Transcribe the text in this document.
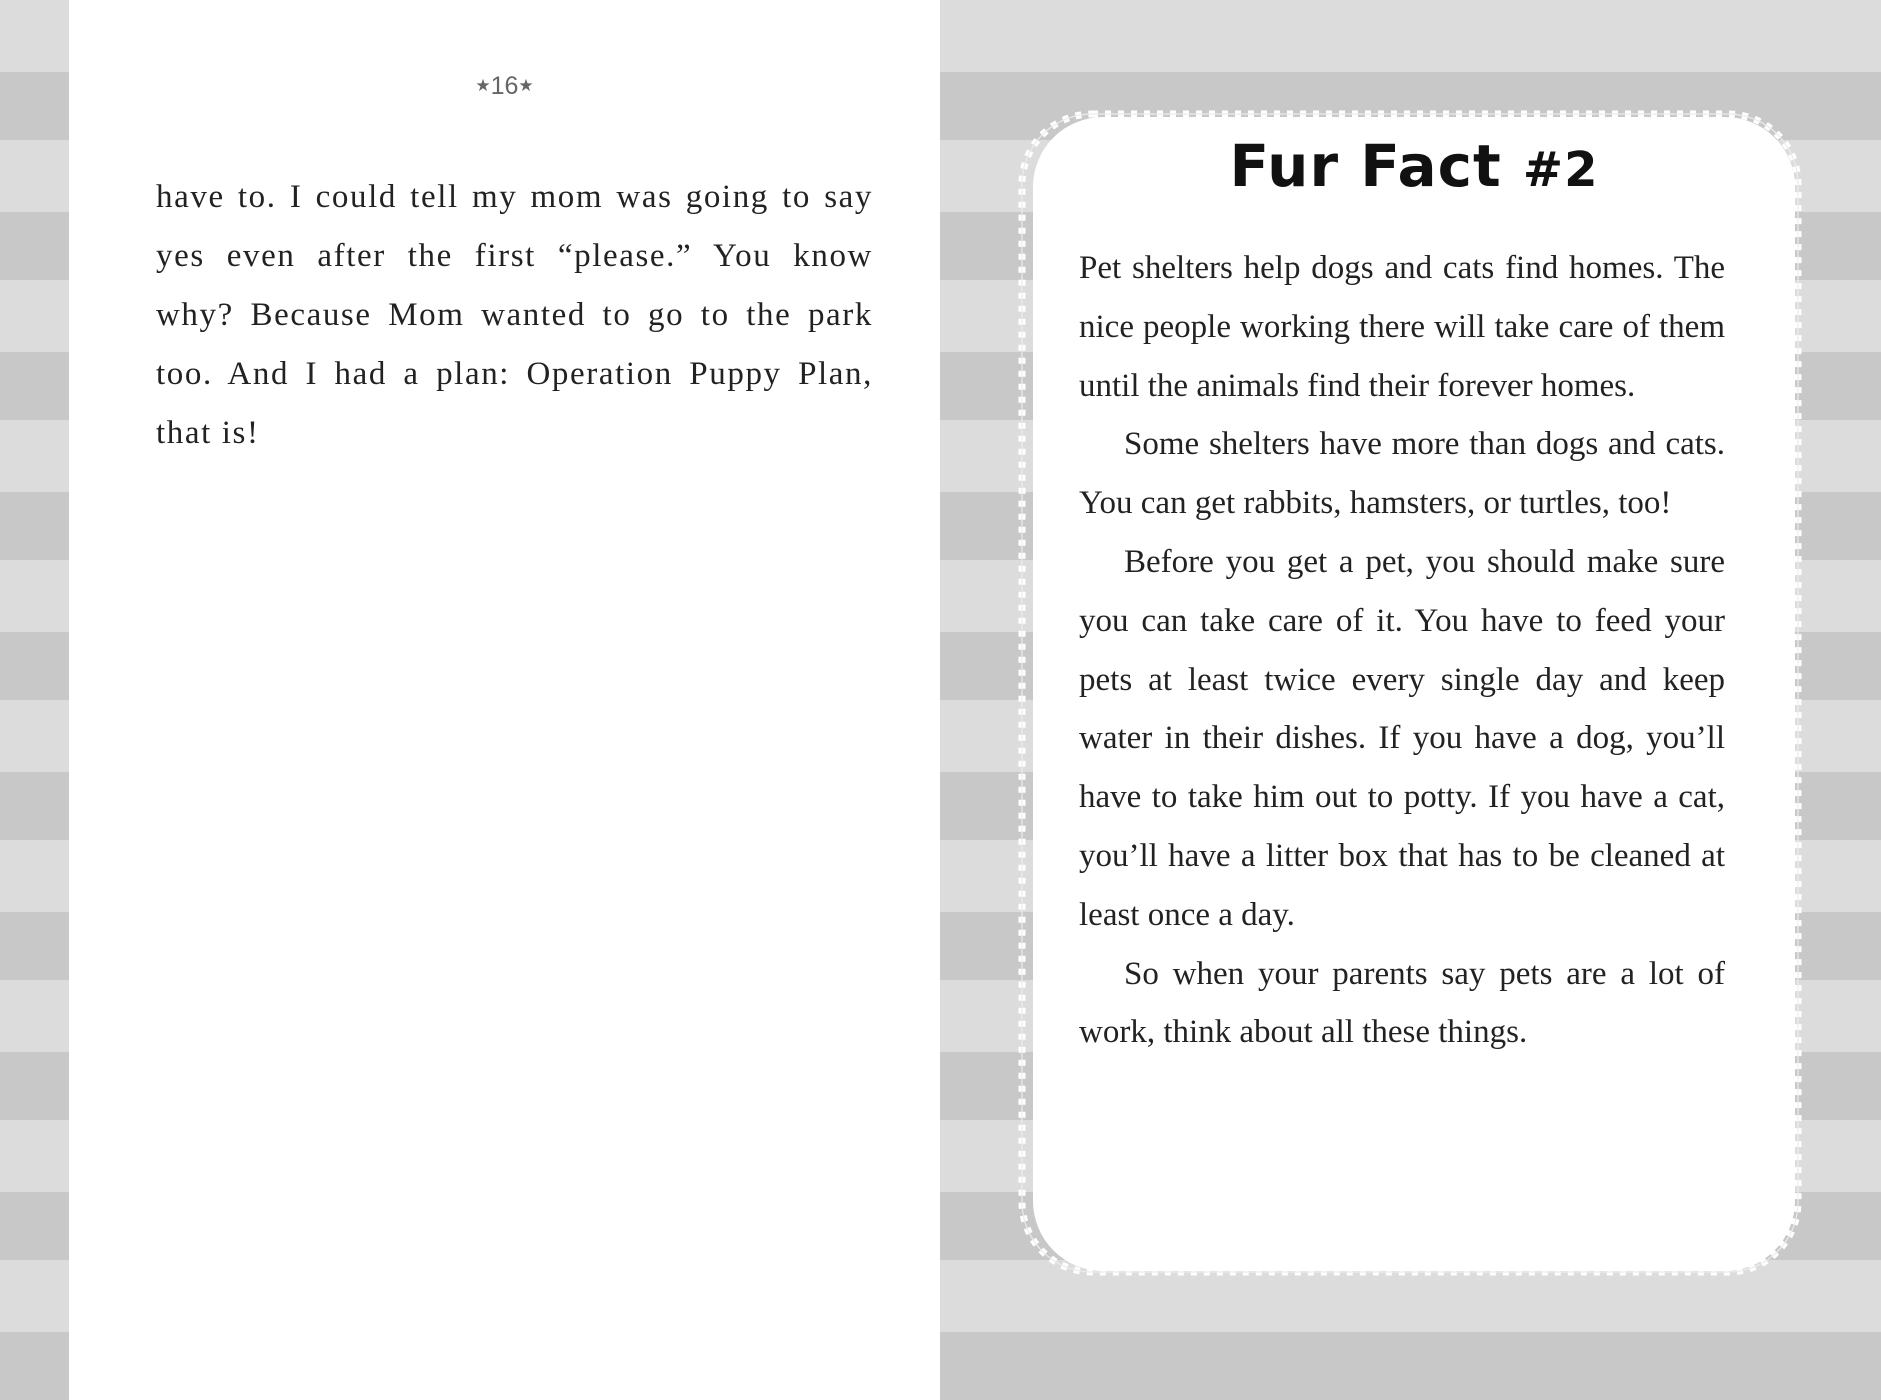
★16★

have to. I could tell my mom was going to say yes even after the first “please.” You know why? Because Mom wanted to go to the park too. And I had a plan: Operation Puppy Plan, that is!

Fur Fact #2

Pet shelters help dogs and cats find homes. The nice people working there will take care of them until the animals find their forever homes.

Some shelters have more than dogs and cats. You can get rabbits, hamsters, or turtles, too!

Before you get a pet, you should make sure you can take care of it. You have to feed your pets at least twice every single day and keep water in their dishes. If you have a dog, you’ll have to take him out to potty. If you have a cat, you’ll have a litter box that has to be cleaned at least once a day.

So when your parents say pets are a lot of work, think about all these things.
